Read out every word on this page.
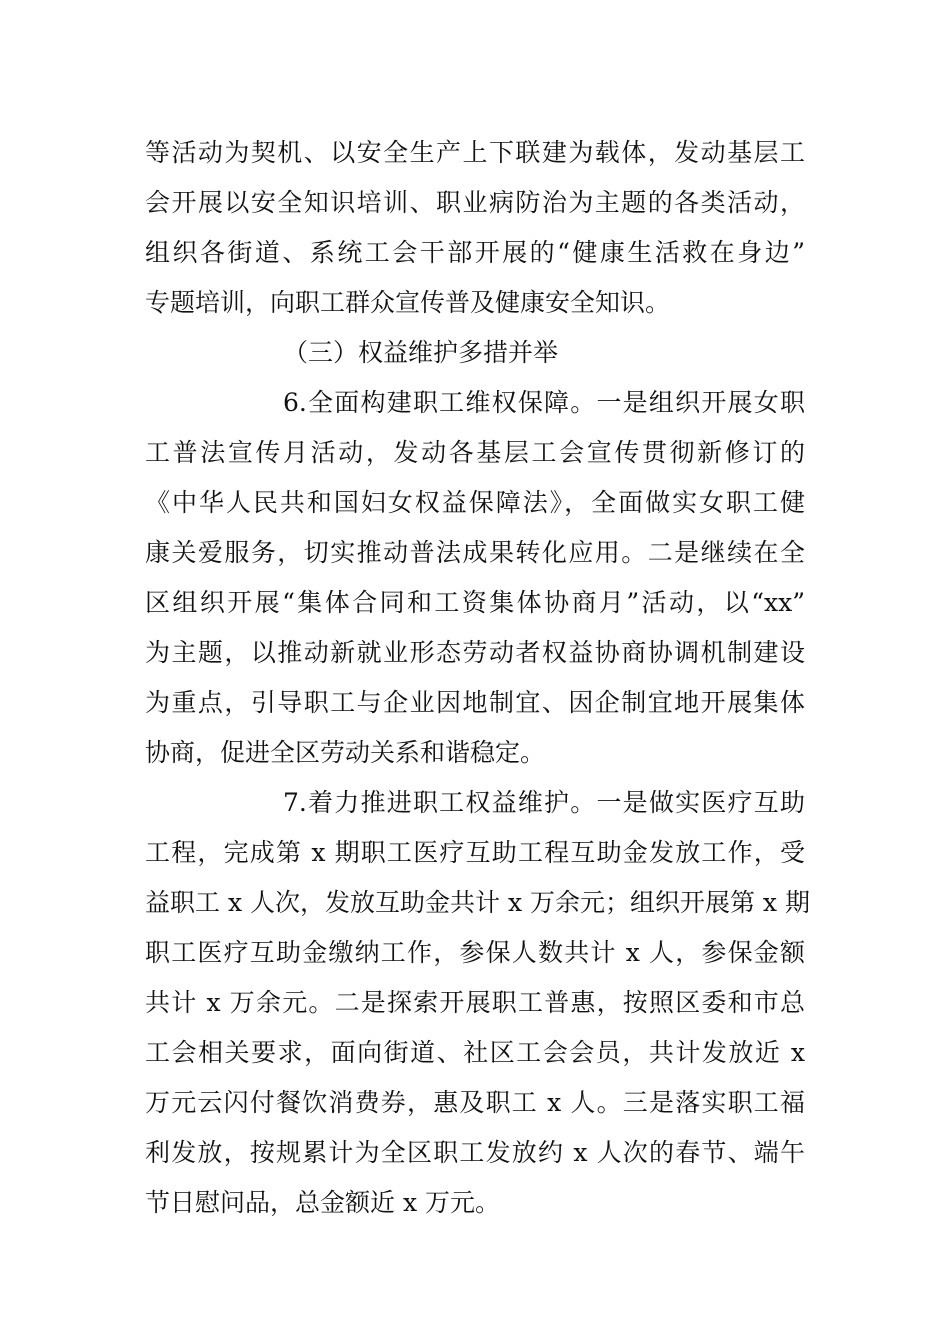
等活动为契机、以安全生产上下联建为载体，发动基层工
会开展以安全知识培训、职业病防治为主题的各类活动，
组织各街道、系统工会干部开展的“健康生活救在身边”
专题培训，向职工群众宣传普及健康安全知识。
（三）权益维护多措并举
6.全面构建职工维权保障。一是组织开展女职
工普法宣传月活动，发动各基层工会宣传贯彻新修订的
《中华人民共和国妇女权益保障法》，全面做实女职工健
康关爱服务，切实推动普法成果转化应用。二是继续在全
区组织开展“集体合同和工资集体协商月”活动，以“xx”
为主题，以推动新就业形态劳动者权益协商协调机制建设
为重点，引导职工与企业因地制宜、因企制宜地开展集体
协商，促进全区劳动关系和谐稳定。
7.着力推进职工权益维护。一是做实医疗互助
工程，完成第 x 期职工医疗互助工程互助金发放工作，受
益职工 x 人次，发放互助金共计 x 万余元；组织开展第 x 期
职工医疗互助金缴纳工作，参保人数共计 x 人，参保金额
共计 x 万余元。二是探索开展职工普惠，按照区委和市总
工会相关要求，面向街道、社区工会会员，共计发放近 x
万元云闪付餐饮消费券，惠及职工 x 人。三是落实职工福
利发放，按规累计为全区职工发放约 x 人次的春节、端午
节日慰问品，总金额近 x 万元。
